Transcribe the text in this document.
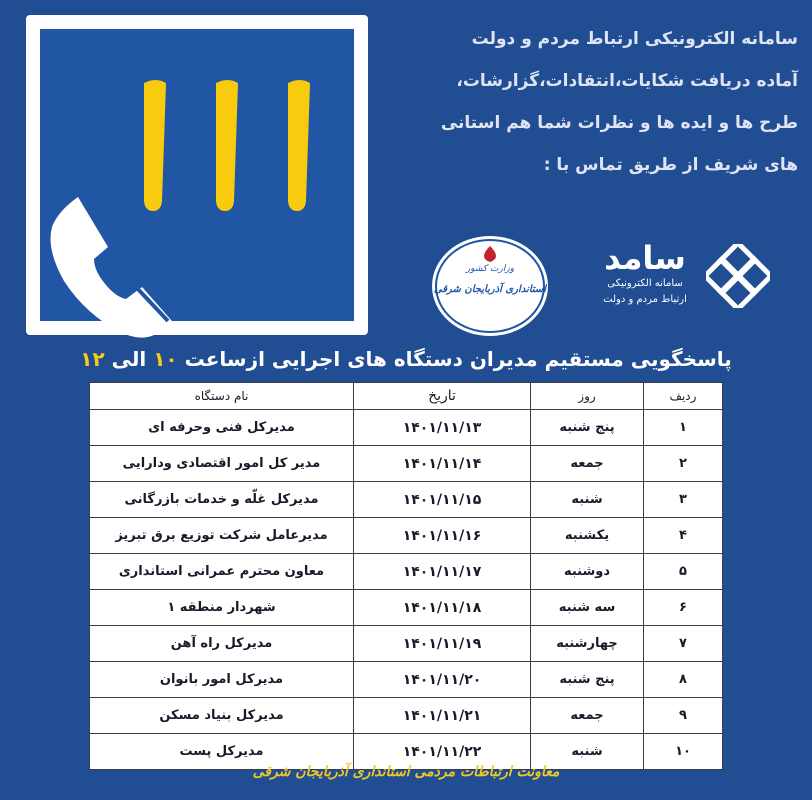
سامانه الکترونیکی ارتباط مردم و دولت
آماده دریافت شکایات،انتقادات،گزارشات،
طرح ها و ایده ها و نظرات شما هم استانی
های شریف از طریق تماس با :
وزارت کشور
استانداری آذربایجان شرقی
سامد
سامانه الکترونیکی
ارتباط مردم و دولت
پاسخگویی مستقیم مدیران دستگاه های اجرایی ازساعت ۱۰ الی ۱۲
ردیف	روز	تاریخ	نام دستگاه
۱	پنج شنبه	۱۴۰۱/۱۱/۱۳	مدیرکل فنی وحرفه ای
۲	جمعه	۱۴۰۱/۱۱/۱۴	مدیر کل امور اقتصادی ودارایی
۳	شنبه	۱۴۰۱/۱۱/۱۵	مدیرکل غلّه و خدمات بازرگانی
۴	یکشنبه	۱۴۰۱/۱۱/۱۶	مدیرعامل شرکت توزیع برق تبریز
۵	دوشنبه	۱۴۰۱/۱۱/۱۷	معاون محترم عمرانی استانداری
۶	سه شنبه	۱۴۰۱/۱۱/۱۸	شهردار منطقه ۱
۷	چهارشنبه	۱۴۰۱/۱۱/۱۹	مدیرکل راه آهن
۸	پنج شنبه	۱۴۰۱/۱۱/۲۰	مدیرکل امور بانوان
۹	جمعه	۱۴۰۱/۱۱/۲۱	مدیرکل بنیاد مسکن
۱۰	شنبه	۱۴۰۱/۱۱/۲۲	مدیرکل پست
معاونت ارتباطات مردمی استانداری آذربایجان شرقی
